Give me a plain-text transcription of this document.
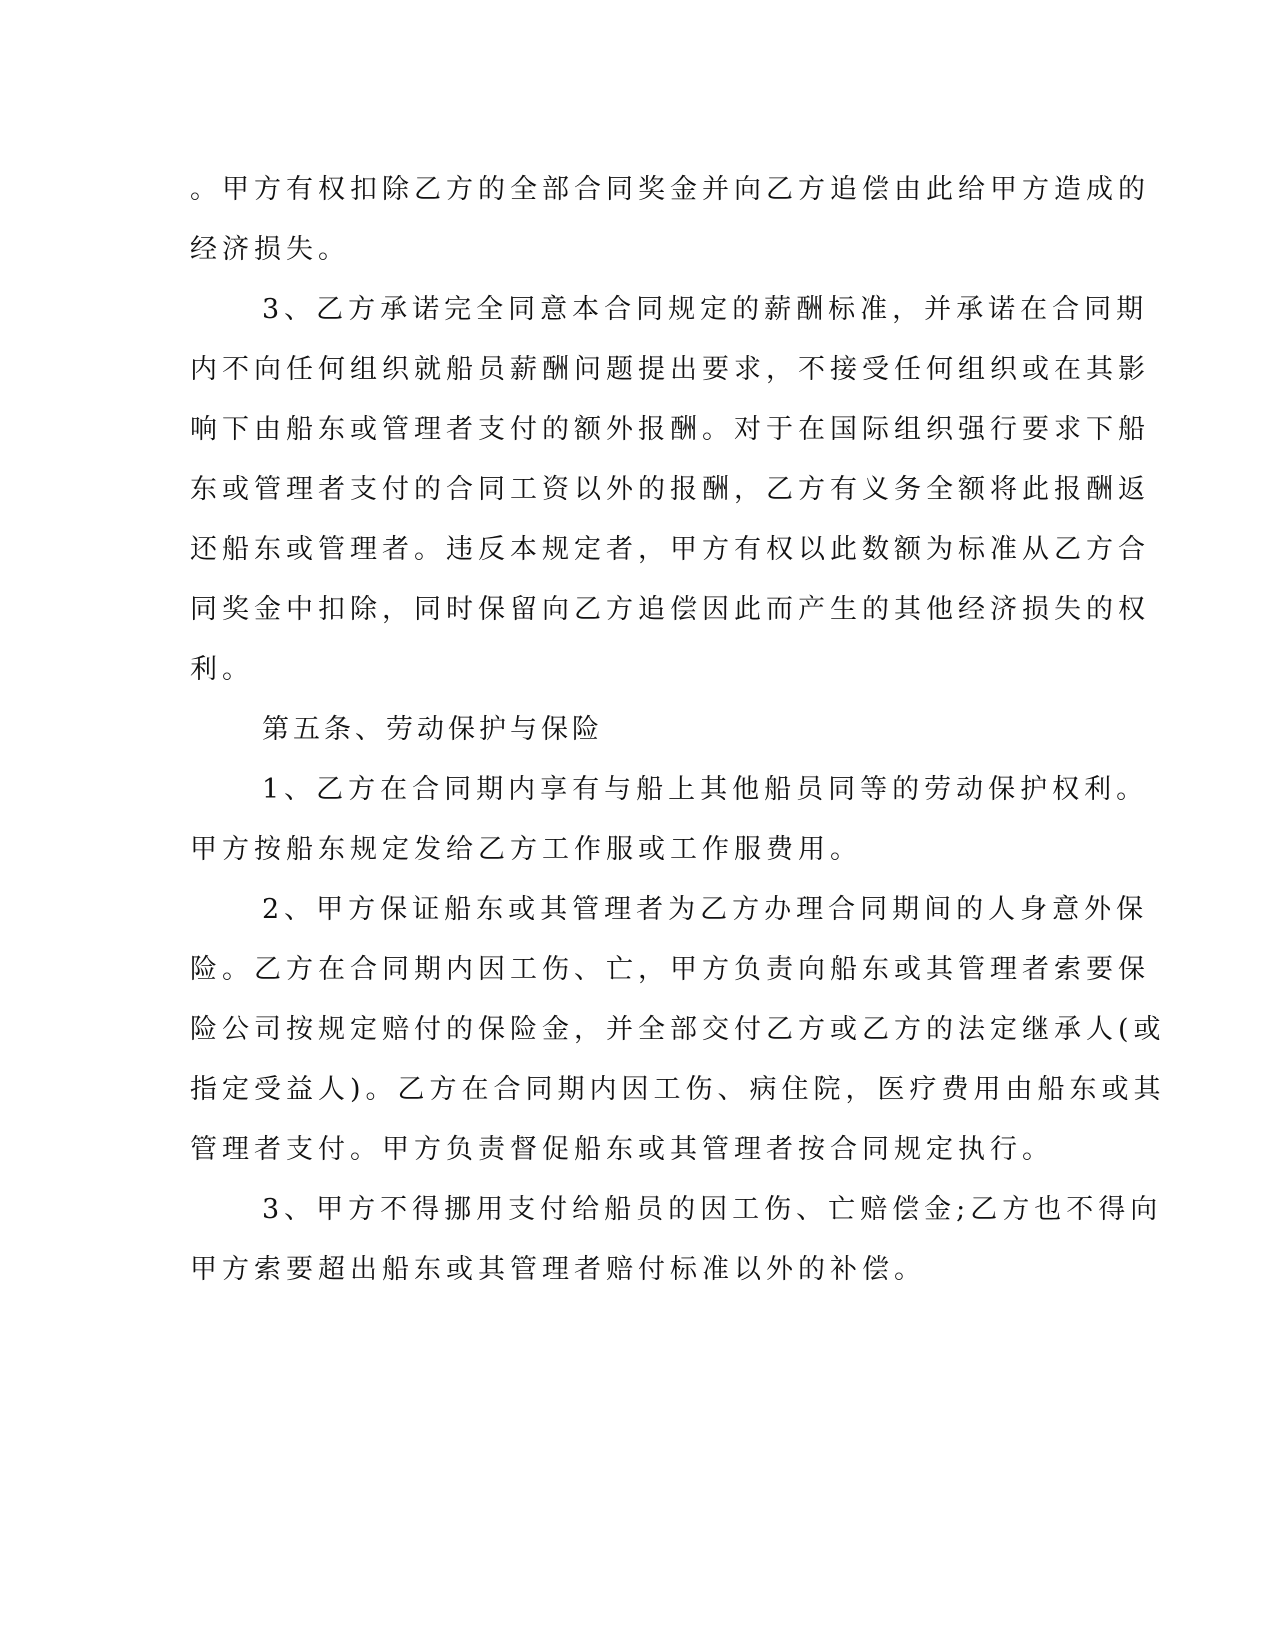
。甲方有权扣除乙方的全部合同奖金并向乙方追偿由此给甲方造成的
经济损失。
3、乙方承诺完全同意本合同规定的薪酬标准，并承诺在合同期
内不向任何组织就船员薪酬问题提出要求，不接受任何组织或在其影
响下由船东或管理者支付的额外报酬。对于在国际组织强行要求下船
东或管理者支付的合同工资以外的报酬，乙方有义务全额将此报酬返
还船东或管理者。违反本规定者，甲方有权以此数额为标准从乙方合
同奖金中扣除，同时保留向乙方追偿因此而产生的其他经济损失的权
利。
第五条、劳动保护与保险
1、乙方在合同期内享有与船上其他船员同等的劳动保护权利。
甲方按船东规定发给乙方工作服或工作服费用。
2、甲方保证船东或其管理者为乙方办理合同期间的人身意外保
险。乙方在合同期内因工伤、亡，甲方负责向船东或其管理者索要保
险公司按规定赔付的保险金，并全部交付乙方或乙方的法定继承人(或
指定受益人)。乙方在合同期内因工伤、病住院，医疗费用由船东或其
管理者支付。甲方负责督促船东或其管理者按合同规定执行。
3、甲方不得挪用支付给船员的因工伤、亡赔偿金;乙方也不得向
甲方索要超出船东或其管理者赔付标准以外的补偿。
